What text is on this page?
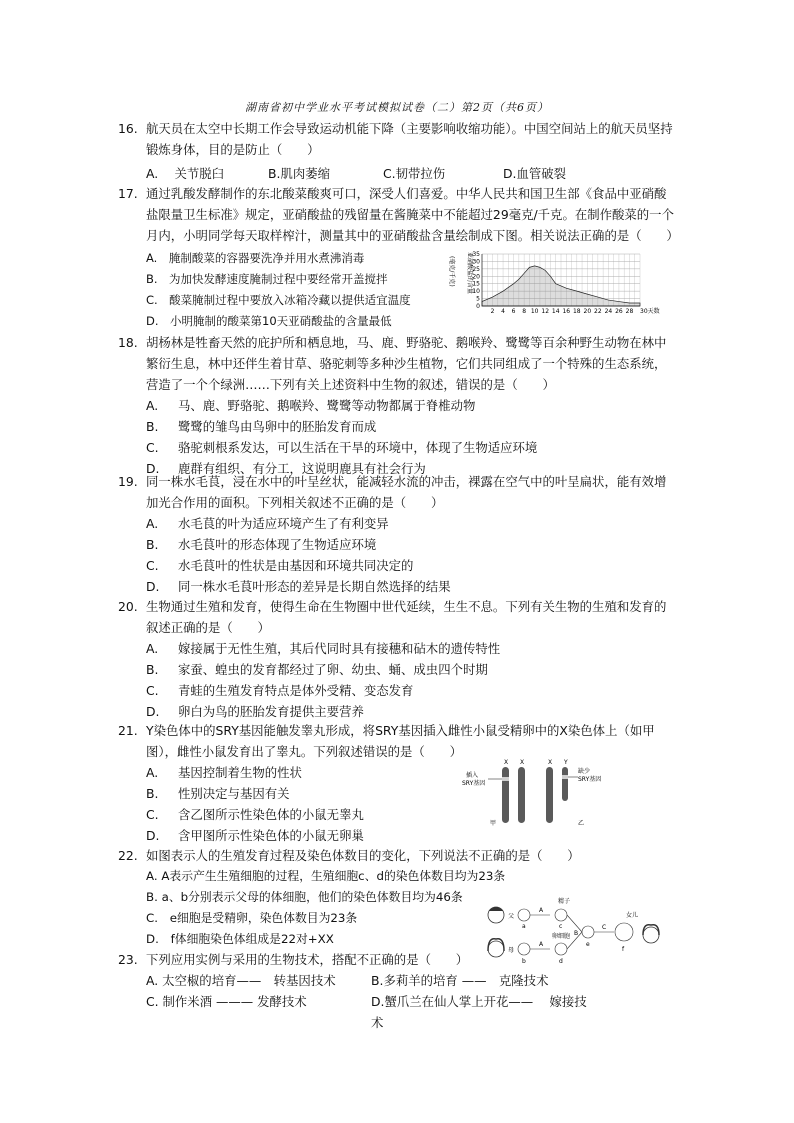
湖南省初中学业水平考试模拟试卷（二）第2页（共6页）
16. 航天员在太空中长期工作会导致运动机能下降（主要影响收缩功能）。中国空间站上的航天员坚持锻炼身体，目的是防止（　　）
A.　 关节脱臼	B.肌肉萎缩	C.韧带拉伤	D.血管破裂
17. 通过乳酸发酵制作的东北酸菜酸爽可口，深受人们喜爱。中华人民共和国卫生部《食品中亚硝酸盐限量卫生标准》规定，亚硝酸盐的残留量在酱腌菜中不能超过29毫克/千克。在制作酸菜的一个月内，小明同学每天取样榨汁，测量其中的亚硝酸盐含量绘制成下图。相关说法正确的是（　　）
A.　腌制酸菜的容器要洗净并用水煮沸消毒
B.　为加快发酵速度腌制过程中要经常开盖搅拌
C.　酸菜腌制过程中要放入冰箱冷藏以提供适宜温度
D.　小明腌制的酸菜第10天亚硝酸盐的含量最低
(毫克/千克) 亚硝酸盐的含量 35
30
25
20
15
10
5
0
2 4 6 8 10 12 14 16 18 20 22 24 26 28 30天数
18. 胡杨林是牲畜天然的庇护所和栖息地，马、鹿、野骆驼、鹅喉羚、鹭鹭等百余种野生动物在林中繁衍生息，林中还伴生着甘草、骆驼刺等多种沙生植物，它们共同组成了一个特殊的生态系统，营造了一个个绿洲……下列有关上述资料中生物的叙述，错误的是（　　）
A. 马、鹿、野骆驼、鹅喉羚、鹭鹭等动物都属于脊椎动物
B. 鹭鹭的雏鸟由鸟卵中的胚胎发育而成
C. 骆驼刺根系发达，可以生活在干旱的环境中，体现了生物适应环境
D. 鹿群有组织、有分工，这说明鹿具有社会行为
19. 同一株水毛茛，浸在水中的叶呈丝状，能减轻水流的冲击，裸露在空气中的叶呈扁状，能有效增加光合作用的面积。下列相关叙述不正确的是（　　）
A. 水毛茛的叶为适应环境产生了有利变异
B. 水毛茛叶的形态体现了生物适应环境
C. 水毛茛叶的性状是由基因和环境共同决定的
D. 同一株水毛茛叶形态的差异是长期自然选择的结果
20. 生物通过生殖和发育，使得生命在生物圈中世代延续，生生不息。下列有关生物的生殖和发育的叙述正确的是（　　）
A. 嫁接属于无性生殖，其后代同时具有接穗和砧木的遗传特性
B. 家蚕、蝗虫的发育都经过了卵、幼虫、蛹、成虫四个时期
C. 青蛙的生殖发育特点是体外受精、变态发育
D. 卵白为鸟的胚胎发育提供主要营养
21. Y染色体中的SRY基因能触发睾丸形成，将SRY基因插入雌性小鼠受精卵中的X染色体上（如甲图），雌性小鼠发育出了睾丸。下列叙述错误的是（　　）
A. 基因控制着生物的性状
B. 性别决定与基因有关
C. 含乙图所示性染色体的小鼠无睾丸
D. 含甲图所示性染色体的小鼠无卵巢
插入
SRY基因
X X
甲
X Y
缺少
SRY基因
乙
22. 如图表示人的生殖发育过程及染色体数目的变化，下列说法不正确的是（　　）
A. A表示产生生殖细胞的过程，生殖细胞c、d的染色体数目均为23条
B. a、b分别表示父母的体细胞，他们的染色体数目均为46条
C.　e细胞是受精卵，染色体数目为23条
D.　f体细胞染色体组成是22对+XX
父
a
A
精子
c
母
b
A
卵细胞
d
B
e
C
f
女儿
23. 下列应用实例与采用的生物技术，搭配不正确的是（　　）
A. 太空椒的培育——　转基因技术	B.多莉羊的培育 ——　克隆技术
C. 制作米酒 ——— 发酵技术	D.蟹爪兰在仙人掌上开花——　 嫁接技术
